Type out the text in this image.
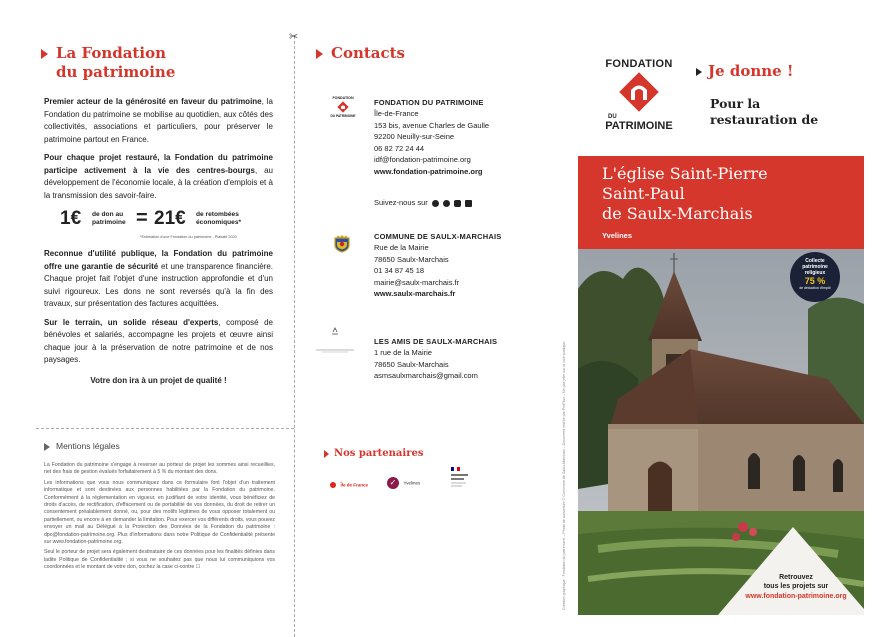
La Fondation
du patrimoine

Premier acteur de la générosité en faveur du patrimoine, la Fondation du patrimoine se mobilise au quotidien, aux côtés des collectivités, associations et particuliers, pour préserver le patrimoine partout en France.

Pour chaque projet restauré, la Fondation du patrimoine participe activement à la vie des centres-bourgs, au développement de l'économie locale, à la création d'emplois et à la transmission des savoir-faire.

1€ de don au patrimoine = 21€ de retombées économiques*
*Estimation d'une Fondation du patrimoine - Plakatif 2020

Reconnue d'utilité publique, la Fondation du patrimoine offre une garantie de sécurité et une transparence financière. Chaque projet fait l'objet d'une instruction approfondie et d'un suivi rigoureux. Les dons ne sont reversés qu'à la fin des travaux, sur présentation des factures acquittées.

Sur le terrain, un solide réseau d'experts, composé de bénévoles et salariés, accompagne les projets et œuvre ainsi chaque jour à la préservation de notre patrimoine et de nos paysages.

Votre don ira à un projet de qualité !

Mentions légales

La Fondation du patrimoine s'engage à reverser au porteur de projet les sommes ainsi recueillies, net des frais de gestion évalués forfaitairement à 5 % du montant des dons.

Les informations que vous nous communiquez dans ce formulaire font l'objet d'un traitement informatique et sont destinées aux personnes habilitées par la Fondation du patrimoine. Conformément à la réglementation en vigueur, en justifiant de votre identité, vous bénéficiez de droits d'accès, de rectification, d'effacement ou de portabilité de vos données, du droit de retirer un consentement préalablement donné, ou, pour des motifs légitimes de vous opposer totalement ou partiellement, ou encore à en demander la limitation. Pour exercer vos différents droits, vous pouvez envoyer un mail au Délégué à la Protection des Données de la Fondation du patrimoine : dpo@fondation-patrimoine.org. Plus d'informations dans notre Politique de Confidentialité présente sur www.fondation-patrimoine.org.

Seul le porteur de projet sera également destinataire de ces données pour les finalités définies dans ladite Politique de Confidentialité ; si vous ne souhaitez pas que nous lui communiquions vos coordonnées et le montant de votre don, cochez la case ci-contre ☐

✂
Contacts
FONDATION
DU PATRIMOINE
FONDATION DU PATRIMOINE
Île-de-France
153 bis, avenue Charles de Gaulle
92200 Neuilly-sur-Seine
06 82 72 24 44
idf@fondation-patrimoine.org
www.fondation-patrimoine.org
Suivez-nous sur
COMMUNE DE SAULX-MARCHAIS
Rue de la Mairie
78650 Saulx-Marchais
01 34 87 45 18
mairie@saulx-marchais.fr
www.saulx-marchais.fr
LES AMIS DE SAULX-MARCHAIS
1 rue de la Mairie
78650 Saulx-Marchais
asmsaulxmarchais@gmail.com
Nos partenaires
Île de France	✓ Yvelines
FONDATION
DU
PATRIMOINE
Je donne !
Pour la
restauration de
L'église Saint-Pierre
Saint-Paul
de Saulx-Marchais
Yvelines
Collecte
patrimoine
religieux
75 %
de déduction d'impôt
Retrouvez
tous les projets sur
www.fondation-patrimoine.org
Création graphique : Fondation du patrimoine – Photo de couverture © Commune de Saulx-Marchais – Document réalisé par ProFilux – Ne pas jeter sur la voie publique
